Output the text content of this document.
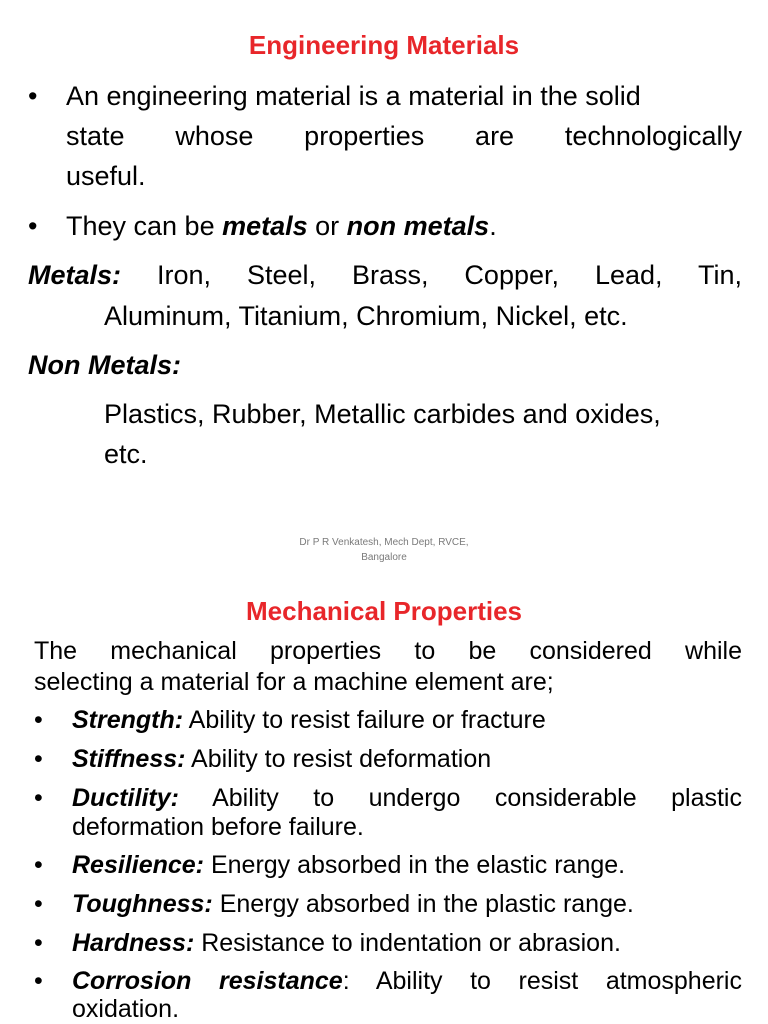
Engineering Materials
• An engineering material is a material in the solid
state whose properties are technologically
useful.
• They can be metals or non metals.
Metals: Iron, Steel, Brass, Copper, Lead, Tin,
Aluminum, Titanium, Chromium, Nickel, etc.
Non Metals:
Plastics, Rubber, Metallic carbides and oxides,
etc.
Dr P R Venkatesh, Mech Dept, RVCE,
Bangalore
Mechanical Properties
The mechanical properties to be considered while
selecting a material for a machine element are;
• Strength: Ability to resist failure or fracture
• Stiffness: Ability to resist deformation
• Ductility: Ability to undergo considerable plastic
deformation before failure.
• Resilience: Energy absorbed in the elastic range.
• Toughness: Energy absorbed in the plastic range.
• Hardness: Resistance to indentation or abrasion.
• Corrosion resistance: Ability to resist atmospheric
oxidation.
